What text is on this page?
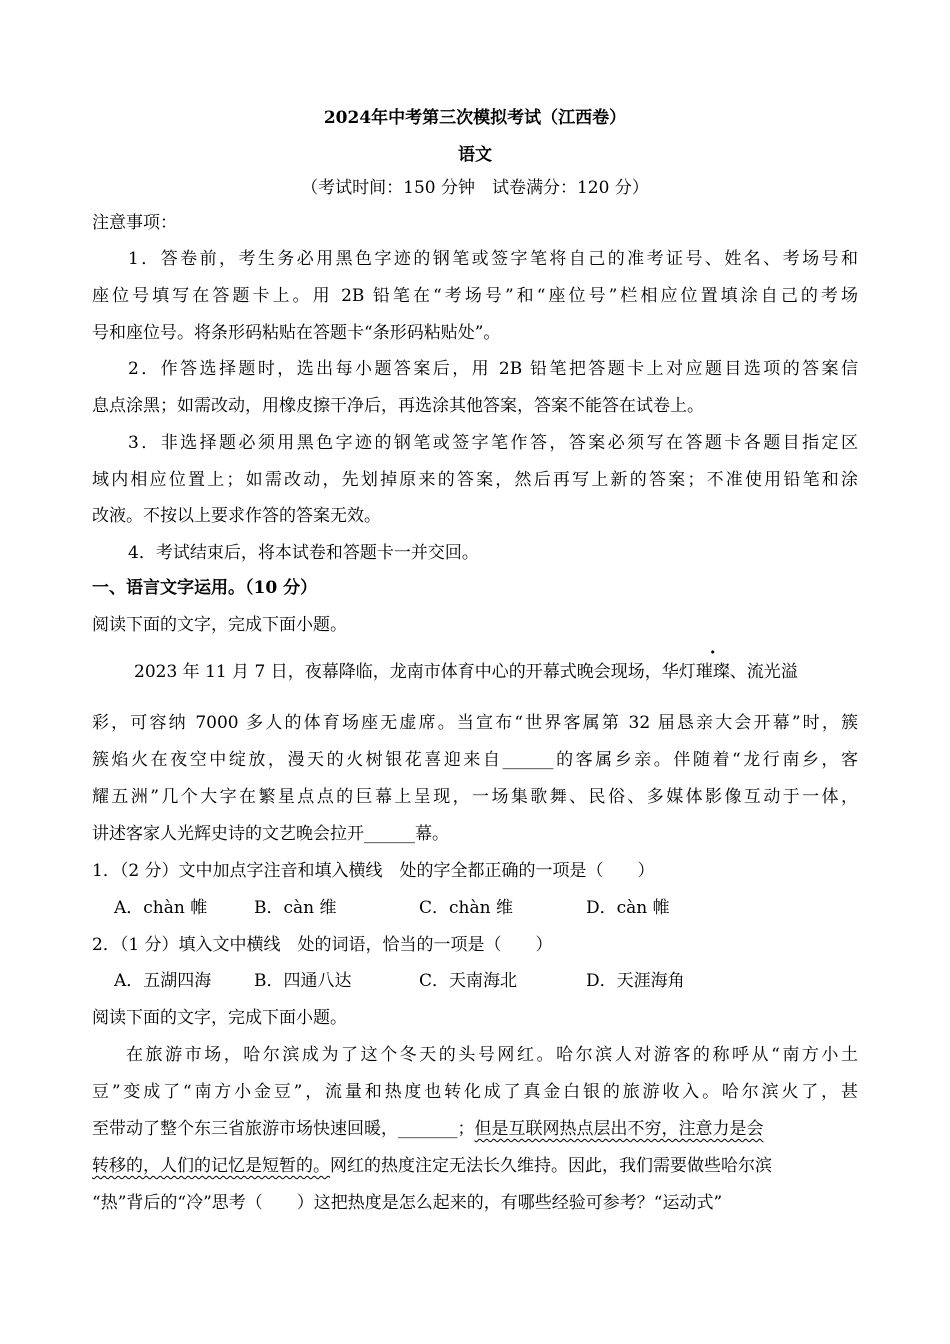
2024年中考第三次模拟考试（江西卷）
语文
（考试时间：150 分钟　试卷满分：120 分）
注意事项：
1．答卷前，考生务必用黑色字迹的钢笔或签字笔将自己的准考证号、姓名、考场号和
座位号填写在答题卡上。用 2B 铅笔在“考场号”和“座位号”栏相应位置填涂自己的考场
号和座位号。将条形码粘贴在答题卡“条形码粘贴处”。
2．作答选择题时，选出每小题答案后，用 2B 铅笔把答题卡上对应题目选项的答案信
息点涂黑；如需改动，用橡皮擦干净后，再选涂其他答案，答案不能答在试卷上。
3．非选择题必须用黑色字迹的钢笔或签字笔作答，答案必须写在答题卡各题目指定区
域内相应位置上；如需改动，先划掉原来的答案，然后再写上新的答案；不准使用铅笔和涂
改液。不按以上要求作答的答案无效。
4．考试结束后，将本试卷和答题卡一并交回。
一、语言文字运用。（10 分）
阅读下面的文字，完成下面小题。
2023 年 11 月 7 日，夜幕降临，龙南市体育中心的开幕式晚会现场，华灯璀璨、流光溢
彩，可容纳 7000 多人的体育场座无虚席。当宣布“世界客属第 32 届恳亲大会开幕”时，簇
簇焰火在夜空中绽放，漫天的火树银花喜迎来自______的客属乡亲。伴随着“龙行南乡，客
耀五洲”几个大字在繁星点点的巨幕上呈现，一场集歌舞、民俗、多媒体影像互动于一体，
讲述客家人光辉史诗的文艺晚会拉开______幕。
1．（2 分）文中加点字注音和填入横线　处的字全都正确的一项是（　　）
A．chàn 帷	B．càn 维	C．chàn 维	D．càn 帷
2．（1 分）填入文中横线　处的词语，恰当的一项是（　　）
A．五湖四海	B．四通八达	C．天南海北	D．天涯海角
阅读下面的文字，完成下面小题。
在旅游市场，哈尔滨成为了这个冬天的头号网红。哈尔滨人对游客的称呼从“南方小土
豆”变成了“南方小金豆”，流量和热度也转化成了真金白银的旅游收入。哈尔滨火了，甚
至带动了整个东三省旅游市场快速回暖，_______；但是互联网热点层出不穷，注意力是会
转移的，人们的记忆是短暂的。网红的热度注定无法长久维持。因此，我们需要做些哈尔滨
“热”背后的“冷”思考（　　）这把热度是怎么起来的，有哪些经验可参考？“运动式”
